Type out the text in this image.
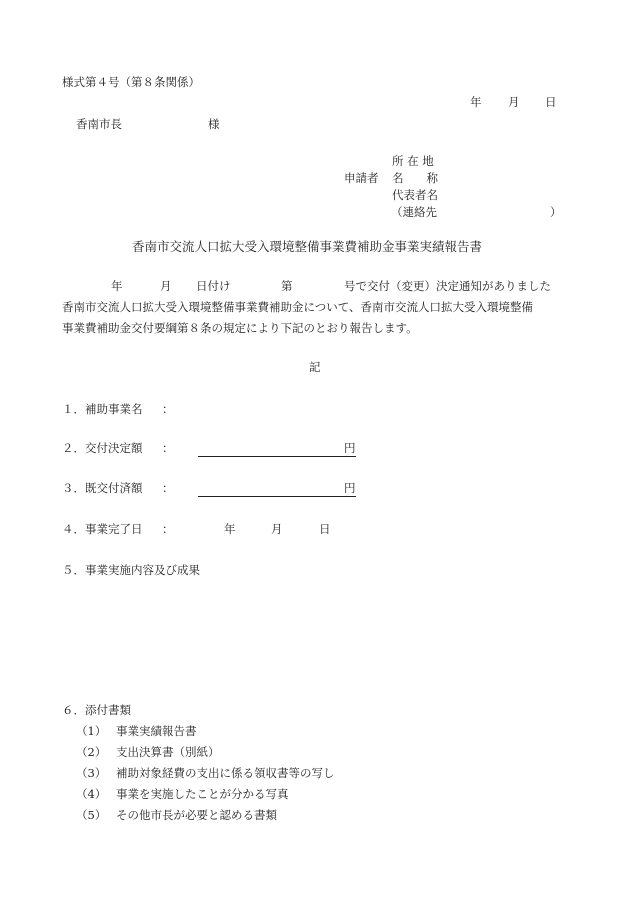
様式第４号（第８条関係）
年 月 日
香南市長	様
所 在 地
申請者 名　　称
代表者名
（連絡先	）
香南市交流人口拡大受入環境整備事業費補助金事業実績報告書
年	月 日付け	第	号で交付（変更）決定通知がありました
香南市交流人口拡大受入環境整備事業費補助金について、香南市交流人口拡大受入環境整備
事業費補助金交付要綱第８条の規定により下記のとおり報告します。
記
１．補助事業名 ：
２．交付決定額 ：	円
３．既交付済額 ：	円
４．事業完了日 ：	年	月	日
５．事業実施内容及び成果
６．添付書類
（1） 事業実績報告書
（2） 支出決算書（別紙）
（3） 補助対象経費の支出に係る領収書等の写し
（4） 事業を実施したことが分かる写真
（5） その他市長が必要と認める書類
